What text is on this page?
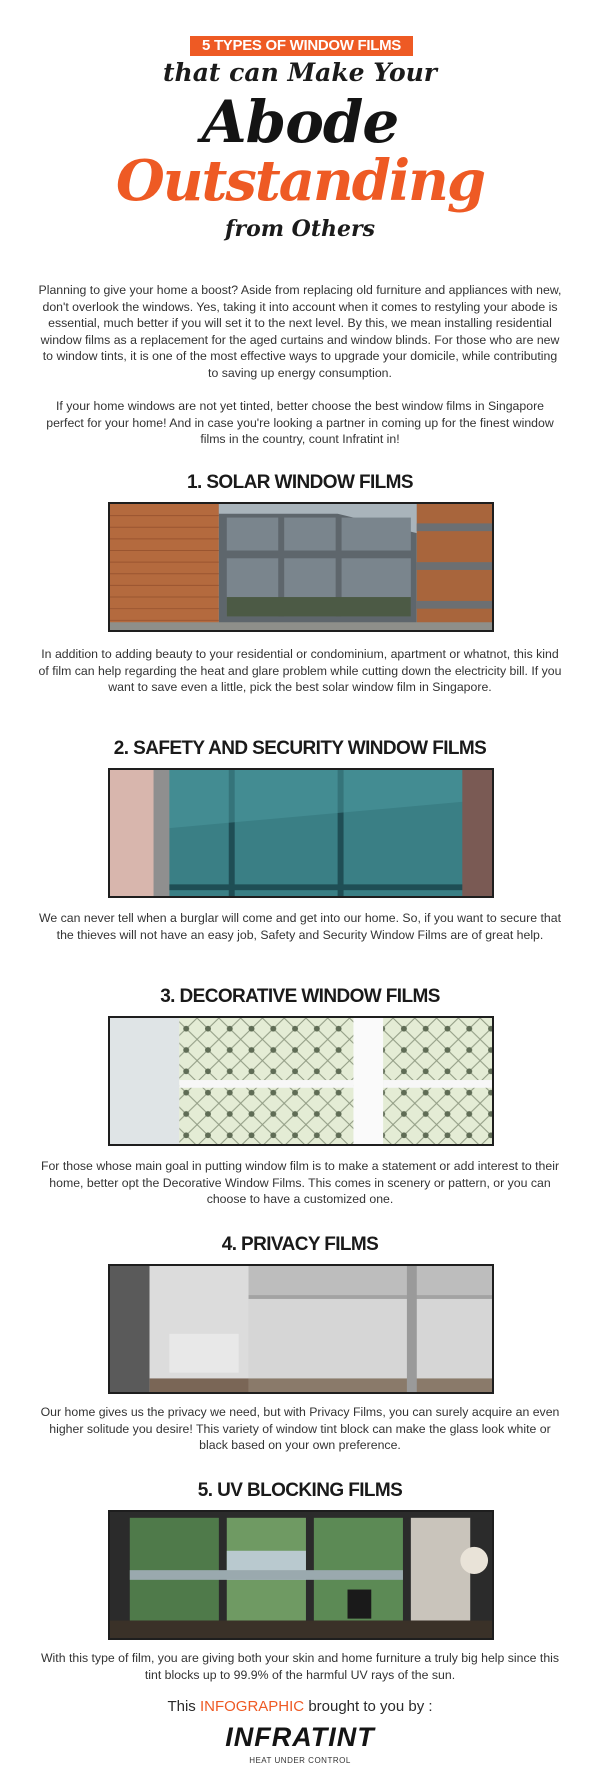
5 TYPES OF WINDOW FILMS
that can Make Your
Abode
Outstanding
from Others

Planning to give your home a boost? Aside from replacing old furniture and appliances with new, don't overlook the windows. Yes, taking it into account when it comes to restyling your abode is essential, much better if you will set it to the next level. By this, we mean installing residential window films as a replacement for the aged curtains and window blinds. For those who are new to window tints, it is one of the most effective ways to upgrade your domicile, while contributing to saving up energy consumption.

If your home windows are not yet tinted, better choose the best window films in Singapore perfect for your home! And in case you're looking a partner in coming up for the finest window films in the country, count Infratint in!

1. SOLAR WINDOW FILMS

In addition to adding beauty to your residential or condominium, apartment or whatnot, this kind of film can help regarding the heat and glare problem while cutting down the electricity bill. If you want to save even a little, pick the best solar window film in Singapore.

2. SAFETY AND SECURITY WINDOW FILMS

We can never tell when a burglar will come and get into our home. So, if you want to secure that the thieves will not have an easy job, Safety and Security Window Films are of great help.

3. DECORATIVE WINDOW FILMS

For those whose main goal in putting window film is to make a statement or add interest to their home, better opt the Decorative Window Films. This comes in scenery or pattern, or you can choose to have a customized one.

4. PRIVACY FILMS

Our home gives us the privacy we need, but with Privacy Films, you can surely acquire an even higher solitude you desire! This variety of window tint block can make the glass look white or black based on your own preference.

5. UV BLOCKING FILMS

With this type of film, you are giving both your skin and home furniture a truly big help since this tint blocks up to 99.9% of the harmful UV rays of the sun.

This INFOGRAPHIC brought to you by :
INFRATINT
HEAT UNDER CONTROL
